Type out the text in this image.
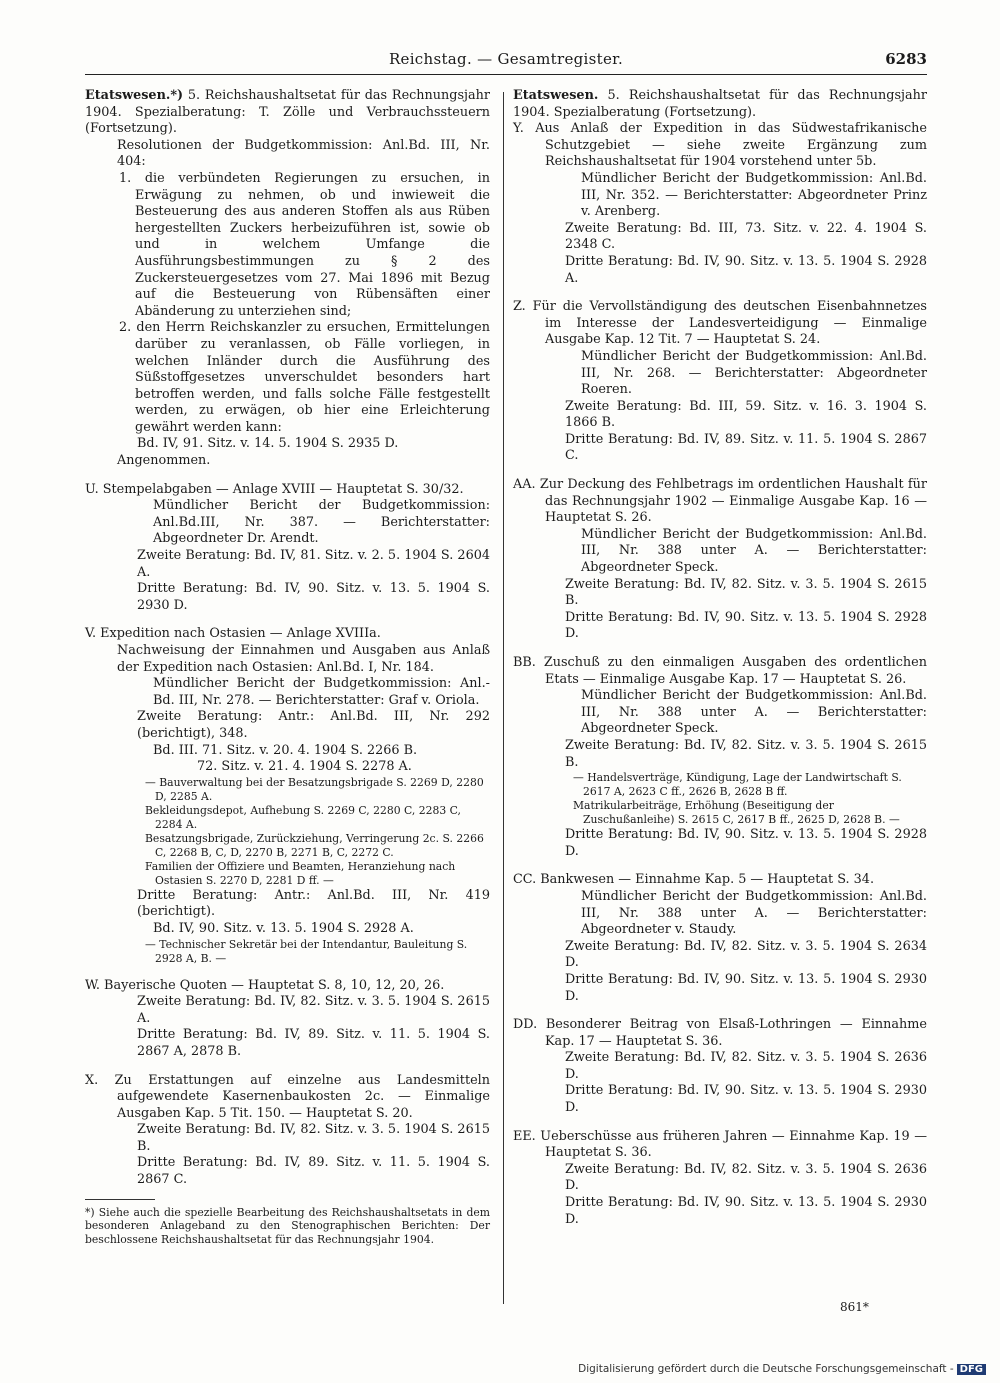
Reichstag. — Gesamtregister.	6283

Etatswesen.*) 5. Reichshaushaltsetat für das Rechnungsjahr 1904. Spezialberatung: T. Zölle und Verbrauchssteuern (Fortsetzung).

Resolutionen der Budgetkommission: Anl.Bd. III, Nr. 404:

1. die verbündeten Regierungen zu ersuchen, in Erwägung zu nehmen, ob und inwieweit die Besteuerung des aus anderen Stoffen als aus Rüben hergestellten Zuckers herbeizuführen ist, sowie ob und in welchem Umfange die Ausführungsbestimmungen zu § 2 des Zuckersteuergesetzes vom 27. Mai 1896 mit Bezug auf die Besteuerung von Rübensäften einer Abänderung zu unterziehen sind;

2. den Herrn Reichskanzler zu ersuchen, Ermittelungen darüber zu veranlassen, ob Fälle vorliegen, in welchen Inländer durch die Ausführung des Süßstoffgesetzes unverschuldet besonders hart betroffen werden, und falls solche Fälle festgestellt werden, zu erwägen, ob hier eine Erleichterung gewährt werden kann:

Bd. IV, 91. Sitz. v. 14. 5. 1904 S. 2935 D.

Angenommen.

U. Stempelabgaben — Anlage XVIII — Hauptetat S. 30/32.

Mündlicher Bericht der Budgetkommission: Anl.Bd.III, Nr. 387. — Berichterstatter: Abgeordneter Dr. Arendt.

Zweite Beratung: Bd. IV, 81. Sitz. v. 2. 5. 1904 S. 2604 A.

Dritte Beratung: Bd. IV, 90. Sitz. v. 13. 5. 1904 S. 2930 D.

V. Expedition nach Ostasien — Anlage XVIIIa.

Nachweisung der Einnahmen und Ausgaben aus Anlaß der Expedition nach Ostasien: Anl.Bd. I, Nr. 184.

Mündlicher Bericht der Budgetkommission: Anl.-Bd. III, Nr. 278. — Berichterstatter: Graf v. Oriola.

Zweite Beratung: Antr.: Anl.Bd. III, Nr. 292 (berichtigt), 348.

Bd. III. 71. Sitz. v. 20. 4. 1904 S. 2266 B.

72. Sitz. v. 21. 4. 1904 S. 2278 A.

— Bauverwaltung bei der Besatzungsbrigade S. 2269 D, 2280 D, 2285 A.

Bekleidungsdepot, Aufhebung S. 2269 C, 2280 C, 2283 C, 2284 A.

Besatzungsbrigade, Zurückziehung, Verringerung 2c. S. 2266 C, 2268 B, C, D, 2270 B, 2271 B, C, 2272 C.

Familien der Offiziere und Beamten, Heranziehung nach Ostasien S. 2270 D, 2281 D ff. —

Dritte Beratung: Antr.: Anl.Bd. III, Nr. 419 (berichtigt).

Bd. IV, 90. Sitz. v. 13. 5. 1904 S. 2928 A.

— Technischer Sekretär bei der Intendantur, Bauleitung S. 2928 A, B. —

W. Bayerische Quoten — Hauptetat S. 8, 10, 12, 20, 26.

Zweite Beratung: Bd. IV, 82. Sitz. v. 3. 5. 1904 S. 2615 A.

Dritte Beratung: Bd. IV, 89. Sitz. v. 11. 5. 1904 S. 2867 A, 2878 B.

X. Zu Erstattungen auf einzelne aus Landesmitteln aufgewendete Kasernenbaukosten 2c. — Einmalige Ausgaben Kap. 5 Tit. 150. — Hauptetat S. 20.

Zweite Beratung: Bd. IV, 82. Sitz. v. 3. 5. 1904 S. 2615 B.

Dritte Beratung: Bd. IV, 89. Sitz. v. 11. 5. 1904 S. 2867 C.

*) Siehe auch die spezielle Bearbeitung des Reichshaushaltsetats in dem besonderen Anlageband zu den Stenographischen Berichten: Der beschlossene Reichshaushaltsetat für das Rechnungsjahr 1904.

Etatswesen. 5. Reichshaushaltsetat für das Rechnungsjahr 1904. Spezialberatung (Fortsetzung).

Y. Aus Anlaß der Expedition in das Südwestafrikanische Schutzgebiet — siehe zweite Ergänzung zum Reichshaushaltsetat für 1904 vorstehend unter 5b.

Mündlicher Bericht der Budgetkommission: Anl.Bd. III, Nr. 352. — Berichterstatter: Abgeordneter Prinz v. Arenberg.

Zweite Beratung: Bd. III, 73. Sitz. v. 22. 4. 1904 S. 2348 C.

Dritte Beratung: Bd. IV, 90. Sitz. v. 13. 5. 1904 S. 2928 A.

Z. Für die Vervollständigung des deutschen Eisenbahnnetzes im Interesse der Landesverteidigung — Einmalige Ausgabe Kap. 12 Tit. 7 — Hauptetat S. 24.

Mündlicher Bericht der Budgetkommission: Anl.Bd. III, Nr. 268. — Berichterstatter: Abgeordneter Roeren.

Zweite Beratung: Bd. III, 59. Sitz. v. 16. 3. 1904 S. 1866 B.

Dritte Beratung: Bd. IV, 89. Sitz. v. 11. 5. 1904 S. 2867 C.

AA. Zur Deckung des Fehlbetrags im ordentlichen Haushalt für das Rechnungsjahr 1902 — Einmalige Ausgabe Kap. 16 — Hauptetat S. 26.

Mündlicher Bericht der Budgetkommission: Anl.Bd. III, Nr. 388 unter A. — Berichterstatter: Abgeordneter Speck.

Zweite Beratung: Bd. IV, 82. Sitz. v. 3. 5. 1904 S. 2615 B.

Dritte Beratung: Bd. IV, 90. Sitz. v. 13. 5. 1904 S. 2928 D.

BB. Zuschuß zu den einmaligen Ausgaben des ordentlichen Etats — Einmalige Ausgabe Kap. 17 — Hauptetat S. 26.

Mündlicher Bericht der Budgetkommission: Anl.Bd. III, Nr. 388 unter A. — Berichterstatter: Abgeordneter Speck.

Zweite Beratung: Bd. IV, 82. Sitz. v. 3. 5. 1904 S. 2615 B.

— Handelsverträge, Kündigung, Lage der Landwirtschaft S. 2617 A, 2623 C ff., 2626 B, 2628 B ff.

Matrikularbeiträge, Erhöhung (Beseitigung der Zuschußanleihe) S. 2615 C, 2617 B ff., 2625 D, 2628 B. —

Dritte Beratung: Bd. IV, 90. Sitz. v. 13. 5. 1904 S. 2928 D.

CC. Bankwesen — Einnahme Kap. 5 — Hauptetat S. 34.

Mündlicher Bericht der Budgetkommission: Anl.Bd. III, Nr. 388 unter A. — Berichterstatter: Abgeordneter v. Staudy.

Zweite Beratung: Bd. IV, 82. Sitz. v. 3. 5. 1904 S. 2634 D.

Dritte Beratung: Bd. IV, 90. Sitz. v. 13. 5. 1904 S. 2930 D.

DD. Besonderer Beitrag von Elsaß-Lothringen — Einnahme Kap. 17 — Hauptetat S. 36.

Zweite Beratung: Bd. IV, 82. Sitz. v. 3. 5. 1904 S. 2636 D.

Dritte Beratung: Bd. IV, 90. Sitz. v. 13. 5. 1904 S. 2930 D.

EE. Ueberschüsse aus früheren Jahren — Einnahme Kap. 19 — Hauptetat S. 36.

Zweite Beratung: Bd. IV, 82. Sitz. v. 3. 5. 1904 S. 2636 D.

Dritte Beratung: Bd. IV, 90. Sitz. v. 13. 5. 1904 S. 2930 D.

861*
Digitalisierung gefördert durch die Deutsche Forschungsgemeinschaft - DFG
